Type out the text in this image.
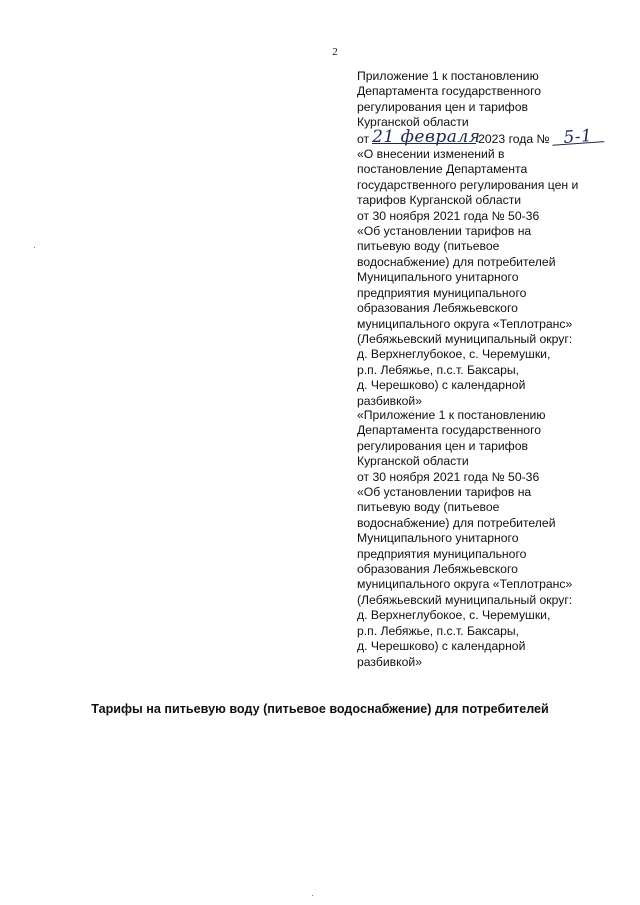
2
Приложение 1 к постановлению
Департамента государственного
регулирования цен и тарифов
Курганской области
от 21 февраля2023 года № 5-1
«О внесении изменений в
постановление Департамента
государственного регулирования цен и
тарифов Курганской области
от 30 ноября 2021 года № 50-36
«Об установлении тарифов на
питьевую воду (питьевое
водоснабжение) для потребителей
Муниципального унитарного
предприятия муниципального
образования Лебяжьевского
муниципального округа «Теплотранс»
(Лебяжьевский муниципальный округ:
д. Верхнеглубокое, с. Черемушки,
р.п. Лебяжье, п.с.т. Баксары,
д. Черешково) с календарной
разбивкой»
«Приложение 1 к постановлению
Департамента государственного
регулирования цен и тарифов
Курганской области
от 30 ноября 2021 года № 50-36
«Об установлении тарифов на
питьевую воду (питьевое
водоснабжение) для потребителей
Муниципального унитарного
предприятия муниципального
образования Лебяжьевского
муниципального округа «Теплотранс»
(Лебяжьевский муниципальный округ:
д. Верхнеглубокое, с. Черемушки,
р.п. Лебяжье, п.с.т. Баксары,
д. Черешково) с календарной
разбивкой»
Тарифы на питьевую воду (питьевое водоснабжение) для потребителей
